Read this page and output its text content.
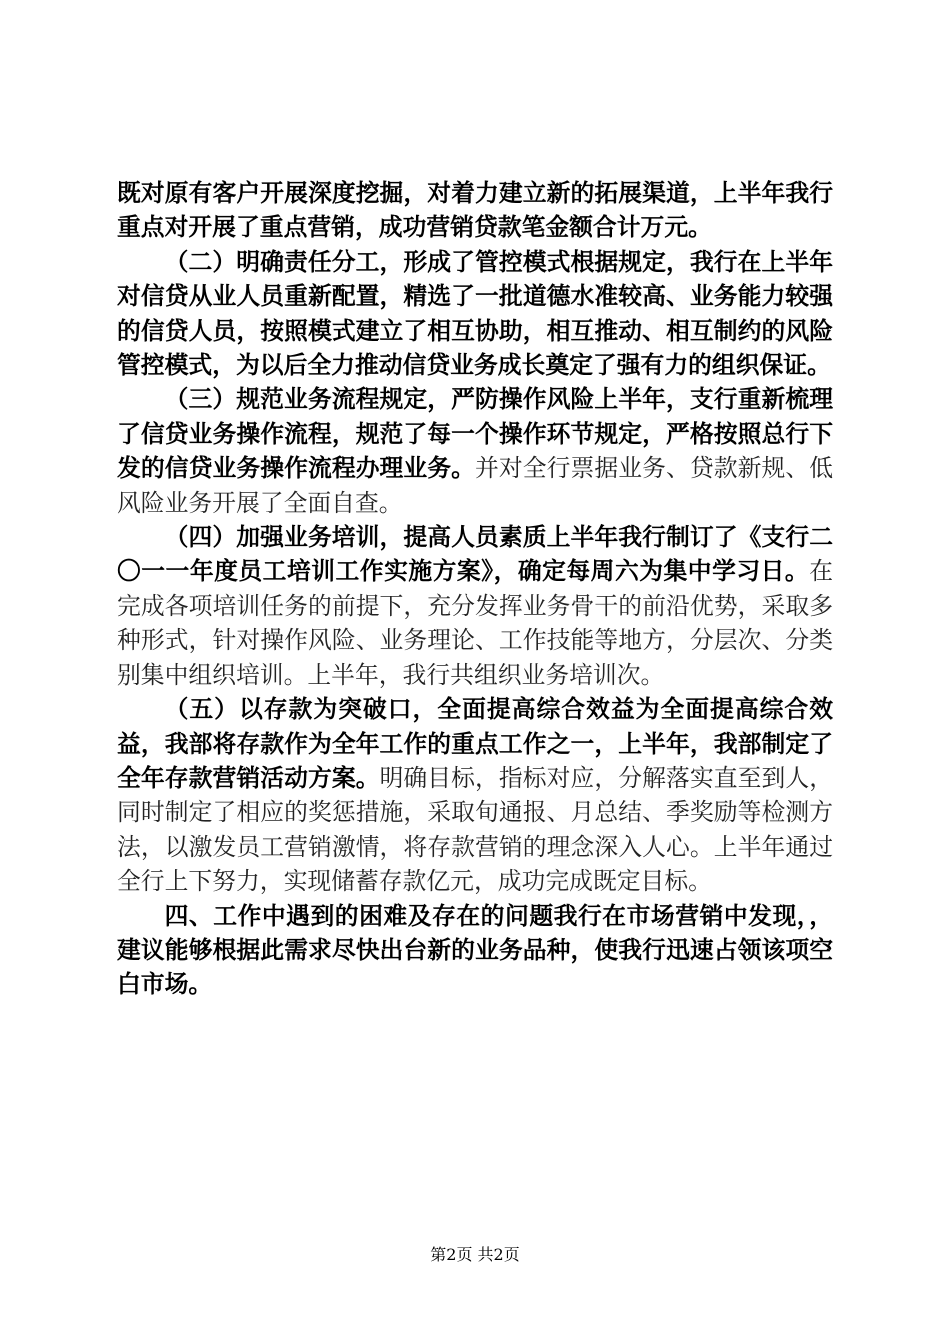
既对原有客户开展深度挖掘，对着力建立新的拓展渠道，上半年我行重点对开展了重点营销，成功营销贷款笔金额合计万元。

（二）明确责任分工，形成了管控模式根据规定，我行在上半年对信贷从业人员重新配置，精选了一批道德水准较高、业务能力较强的信贷人员，按照模式建立了相互协助，相互推动、相互制约的风险管控模式，为以后全力推动信贷业务成长奠定了强有力的组织保证。

（三）规范业务流程规定，严防操作风险上半年，支行重新梳理了信贷业务操作流程，规范了每一个操作环节规定，严格按照总行下发的信贷业务操作流程办理业务。并对全行票据业务、贷款新规、低风险业务开展了全面自查。

（四）加强业务培训，提高人员素质上半年我行制订了《支行二〇一一年度员工培训工作实施方案》，确定每周六为集中学习日。在完成各项培训任务的前提下，充分发挥业务骨干的前沿优势，采取多种形式，针对操作风险、业务理论、工作技能等地方，分层次、分类别集中组织培训。上半年，我行共组织业务培训次。

（五）以存款为突破口，全面提高综合效益为全面提高综合效益，我部将存款作为全年工作的重点工作之一，上半年，我部制定了全年存款营销活动方案。明确目标，指标对应，分解落实直至到人，同时制定了相应的奖惩措施，采取旬通报、月总结、季奖励等检测方法，以激发员工营销激情，将存款营销的理念深入人心。上半年通过全行上下努力，实现储蓄存款亿元，成功完成既定目标。

四、工作中遇到的困难及存在的问题我行在市场营销中发现，，建议能够根据此需求尽快出台新的业务品种，使我行迅速占领该项空白市场。

第2页 共2页
